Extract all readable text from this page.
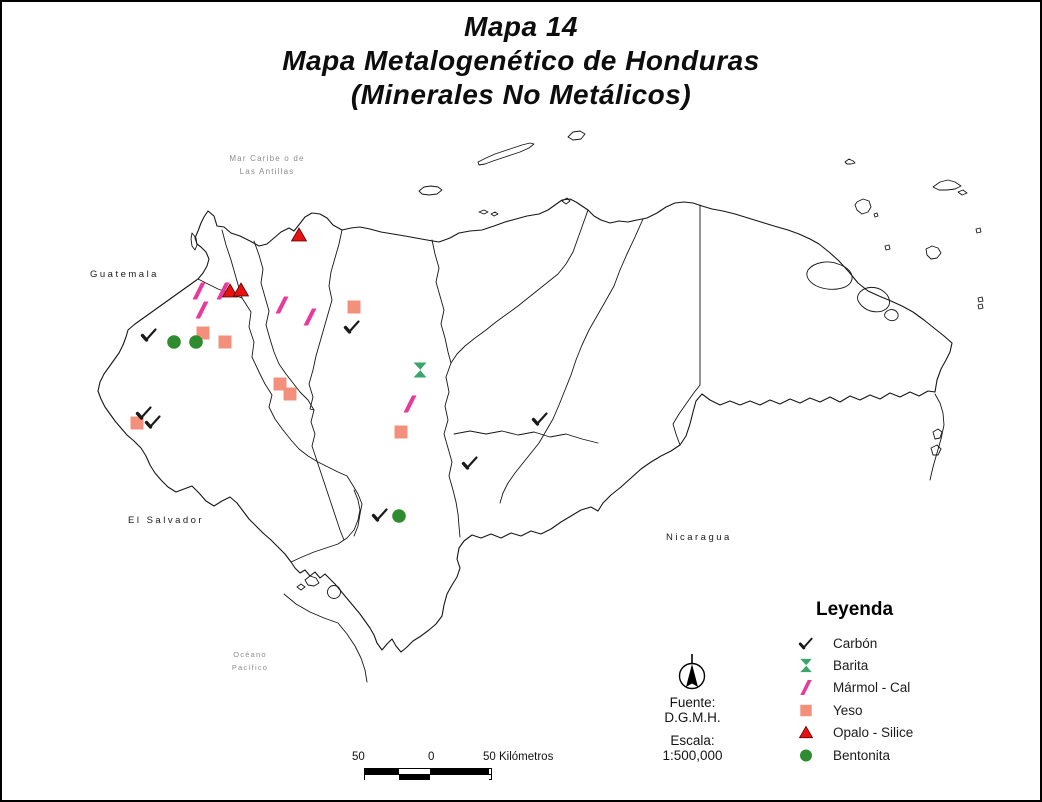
Mapa 14
Mapa Metalogenético de Honduras
(Minerales No Metálicos)
Mar Caribe o de
Las Antillas
Guatemala
El Salvador
Nicaragua
Océano
Pacífico
Leyenda
Carbón
Barita
Mármol - Cal
Yeso
Opalo - Silice
Bentonita
Fuente:
D.G.M.H.
Escala:
1:500,000
50	0	50 Kilómetros
